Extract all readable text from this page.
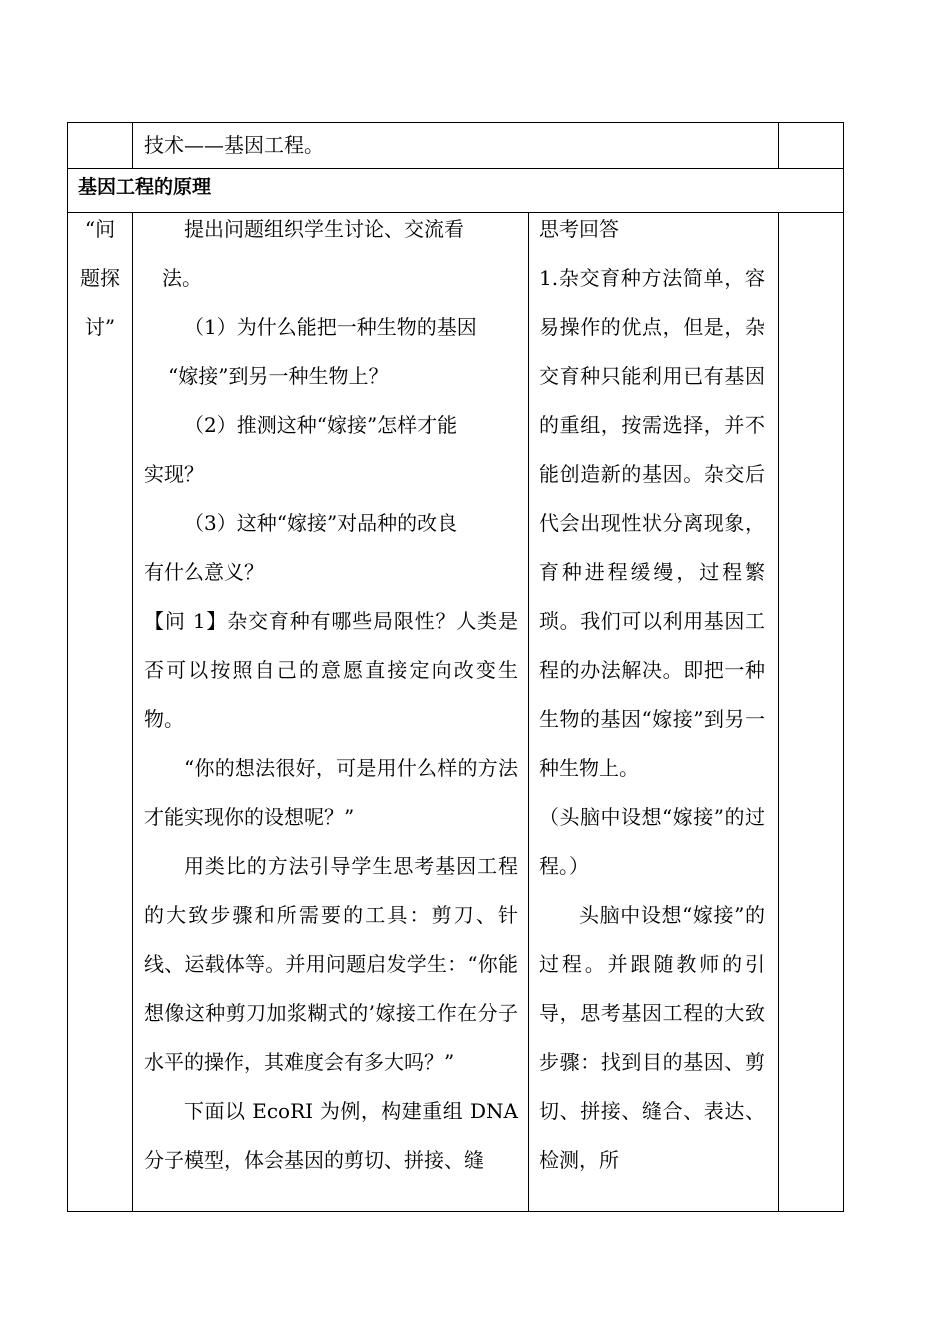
技术——基因工程。

基因工程的原理

“问

题探

讨”

提出问题组织学生讨论、交流看

法。

（1）为什么能把一种生物的基因

“嫁接”到另一种生物上？

（2）推测这种“嫁接”怎样才能

实现？

（3）这种“嫁接”对品种的改良

有什么意义？

【问 1】杂交育种有哪些局限性？人类是否可以按照自己的意愿直接定向改变生物。

“你的想法很好，可是用什么样的方法才能实现你的设想呢？”

用类比的方法引导学生思考基因工程的大致步骤和所需要的工具：剪刀、针线、运载体等。并用问题启发学生：“你能想像这种剪刀加浆糊式的’嫁接工作在分子水平的操作，其难度会有多大吗？”

下面以 EcoRI 为例，构建重组 DNA 分子模型，体会基因的剪切、拼接、缝

思考回答

1.杂交育种方法简单，容易操作的优点，但是，杂交育种只能利用已有基因的重组，按需选择，并不能创造新的基因。杂交后代会出现性状分离现象，育种进程缓缦，过程繁琐。我们可以利用基因工程的办法解决。即把一种生物的基因“嫁接”到另一种生物上。

（头脑中设想“嫁接”的过程。）

头脑中设想“嫁接”的过程。并跟随教师的引导，思考基因工程的大致步骤：找到目的基因、剪切、拼接、缝合、表达、检测，所
